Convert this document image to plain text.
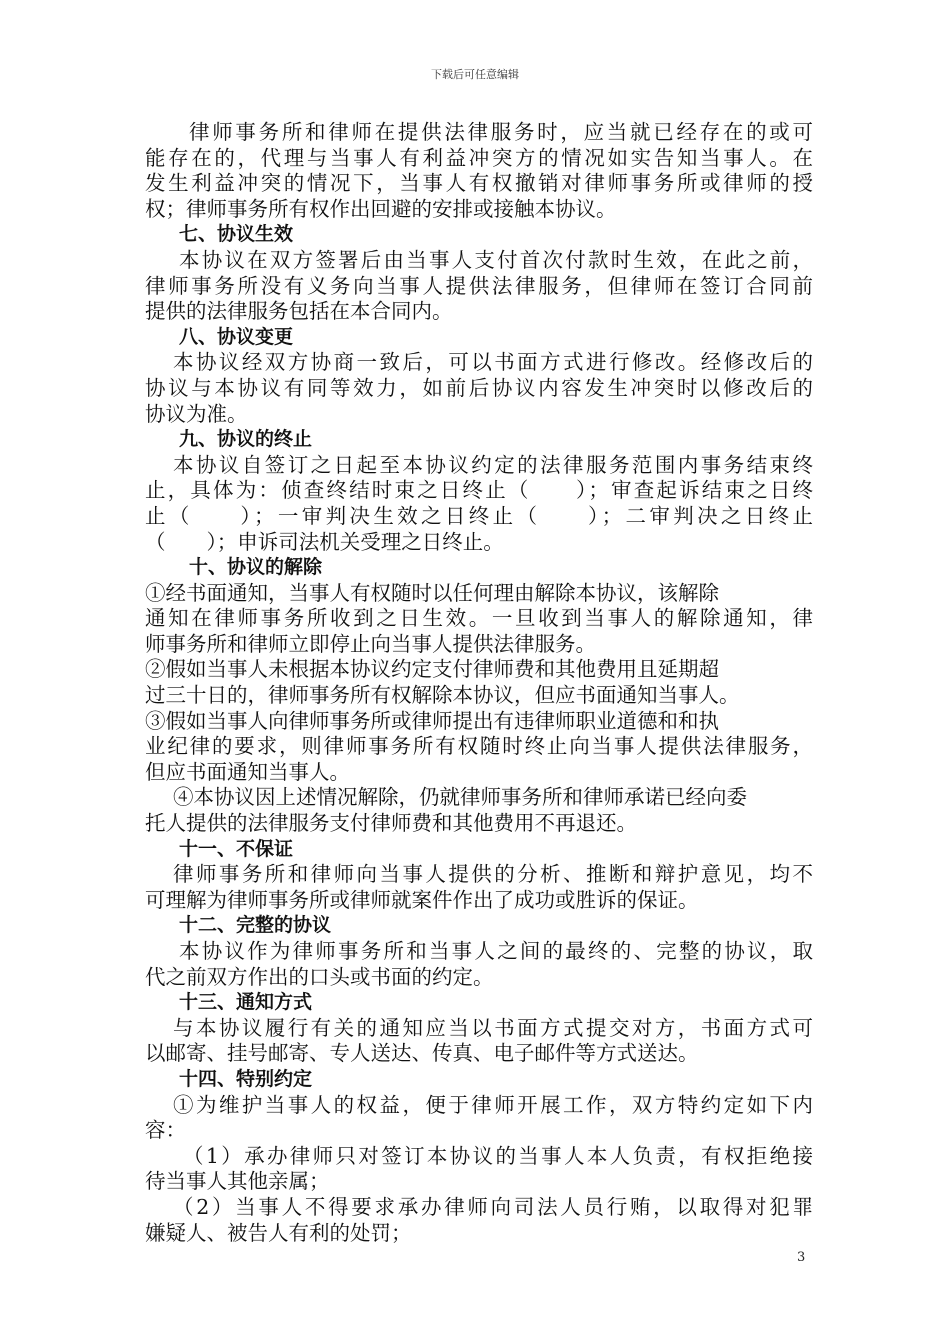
下载后可任意编辑
律师事务所和律师在提供法律服务时，应当就已经存在的或可
能存在的，代理与当事人有利益冲突方的情况如实告知当事人。在
发生利益冲突的情况下，当事人有权撤销对律师事务所或律师的授
权；律师事务所有权作出回避的安排或接触本协议。
七、协议生效
本协议在双方签署后由当事人支付首次付款时生效，在此之前，
律师事务所没有义务向当事人提供法律服务，但律师在签订合同前
提供的法律服务包括在本合同内。
八、协议变更
本协议经双方协商一致后，可以书面方式进行修改。经修改后的
协议与本协议有同等效力，如前后协议内容发生冲突时以修改后的
协议为准。
九、协议的终止
本协议自签订之日起至本协议约定的法律服务范围内事务结束终
止，具体为：侦查终结时束之日终止（　　）；审查起诉结束之日终
止（　　）；一审判决生效之日终止（　　）；二审判决之日终止
（　　）；申诉司法机关受理之日终止。
十、协议的解除
①经书面通知，当事人有权随时以任何理由解除本协议，该解除
通知在律师事务所收到之日生效。一旦收到当事人的解除通知，律
师事务所和律师立即停止向当事人提供法律服务。
②假如当事人未根据本协议约定支付律师费和其他费用且延期超
过三十日的，律师事务所有权解除本协议，但应书面通知当事人。
③假如当事人向律师事务所或律师提出有违律师职业道德和和执
业纪律的要求，则律师事务所有权随时终止向当事人提供法律服务，
但应书面通知当事人。
④本协议因上述情况解除，仍就律师事务所和律师承诺已经向委
托人提供的法律服务支付律师费和其他费用不再退还。
十一、不保证
律师事务所和律师向当事人提供的分析、推断和辩护意见，均不
可理解为律师事务所或律师就案件作出了成功或胜诉的保证。
十二、完整的协议
本协议作为律师事务所和当事人之间的最终的、完整的协议，取
代之前双方作出的口头或书面的约定。
十三、通知方式
与本协议履行有关的通知应当以书面方式提交对方，书面方式可
以邮寄、挂号邮寄、专人送达、传真、电子邮件等方式送达。
十四、特别约定
①为维护当事人的权益，便于律师开展工作，双方特约定如下内
容：
（1）承办律师只对签订本协议的当事人本人负责，有权拒绝接
待当事人其他亲属；
（2）当事人不得要求承办律师向司法人员行贿，以取得对犯罪
嫌疑人、被告人有利的处罚；
3
